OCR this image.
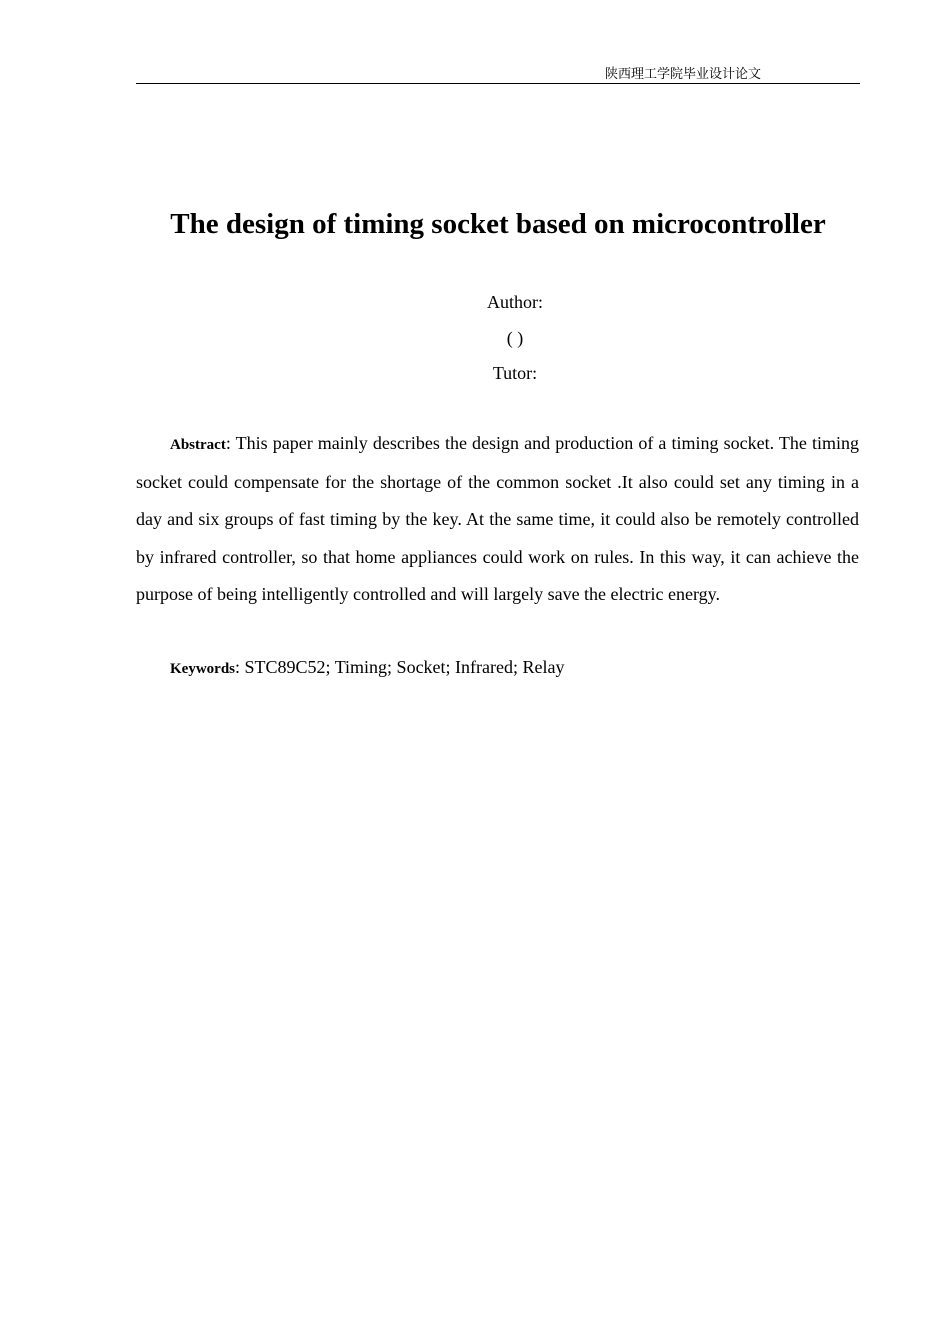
陕西理工学院毕业设计论文
The design of timing socket based on microcontroller
Author:
( )
Tutor:

Abstract: This paper mainly describes the design and production of a timing socket. The timing socket could compensate for the shortage of the common socket .It also could set any timing in a day and six groups of fast timing by the key. At the same time, it could also be remotely controlled by infrared controller, so that home appliances could work on rules. In this way, it can achieve the purpose of being intelligently controlled and will largely save the electric energy.

Keywords: STC89C52; Timing; Socket; Infrared; Relay
